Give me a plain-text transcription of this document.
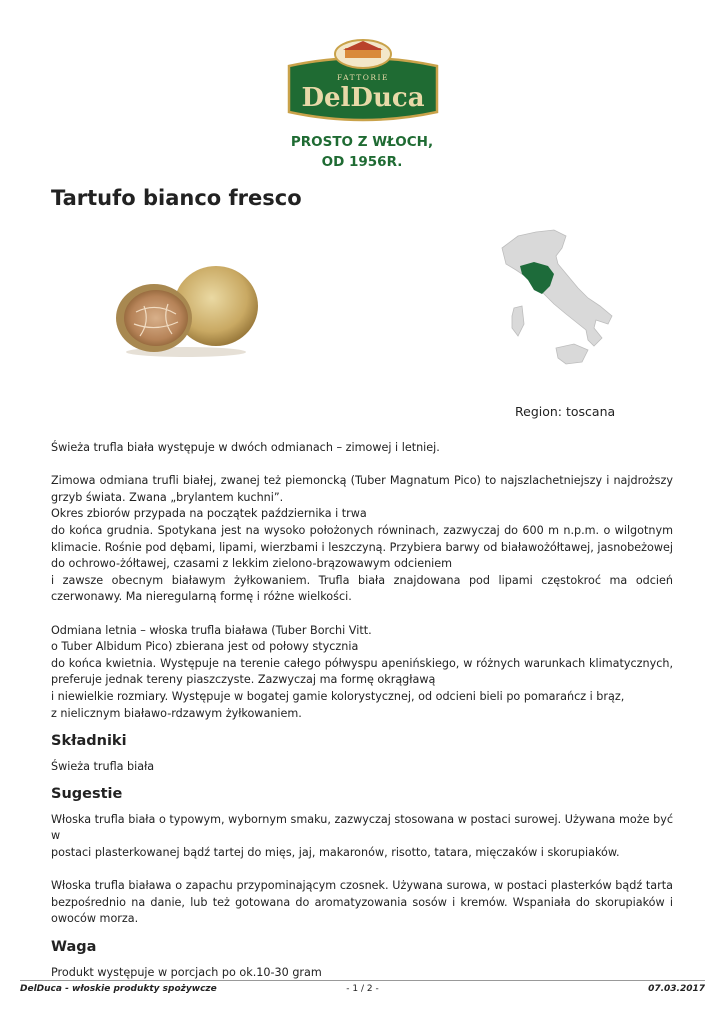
FATTORIE
DelDuca
PROSTO Z WŁOCH,
OD 1956R.
Tartufo bianco fresco
Region: toscana

Świeża trufla biała występuje w dwóch odmianach – zimowej i letniej.

Zimowa odmiana trufli białej, zwanej też piemoncką (Tuber Magnatum Pico) to najszlachetniejszy i najdroższy
grzyb świata. Zwana „brylantem kuchni”.
Okres zbiorów przypada na początek października i trwa
do końca grudnia. Spotykana jest na wysoko położonych równinach, zazwyczaj do 600 m n.p.m. o wilgotnym
klimacie. Rośnie pod dębami, lipami, wierzbami i leszczyną. Przybiera barwy od białawożółtawej, jasnobeżowej
do ochrowo-żółtawej, czasami z lekkim zielono-brązowawym odcieniem
i zawsze obecnym białawym żyłkowaniem. Trufla biała znajdowana pod lipami częstokroć ma odcień
czerwonawy. Ma nieregularną formę i różne wielkości.

Odmiana letnia – włoska trufla biaława (Tuber Borchi Vitt.
o Tuber Albidum Pico) zbierana jest od połowy stycznia
do końca kwietnia. Występuje na terenie całego półwyspu apenińskiego, w różnych warunkach klimatycznych,
preferuje jednak tereny piaszczyste. Zazwyczaj ma formę okrągławą
i niewielkie rozmiary. Występuje w bogatej gamie kolorystycznej, od odcieni bieli po pomarańcz i brąz,
z nielicznym białawo-rdzawym żyłkowaniem.

Składniki

Świeża trufla biała

Sugestie

Włoska trufla biała o typowym, wybornym smaku, zazwyczaj stosowana w postaci surowej. Używana może być w
postaci plasterkowanej bądź tartej do mięs, jaj, makaronów, risotto, tatara, mięczaków i skorupiaków.

Włoska trufla biaława o zapachu przypominającym czosnek. Używana surowa, w postaci plasterków bądź tarta
bezpośrednio na danie, lub też gotowana do aromatyzowania sosów i kremów. Wspaniała do skorupiaków i
owoców morza.

Waga

Produkt występuje w porcjach po ok.10-30 gram

- 1 / 2 -
DelDuca - włoskie produkty spożywcze	07.03.2017
